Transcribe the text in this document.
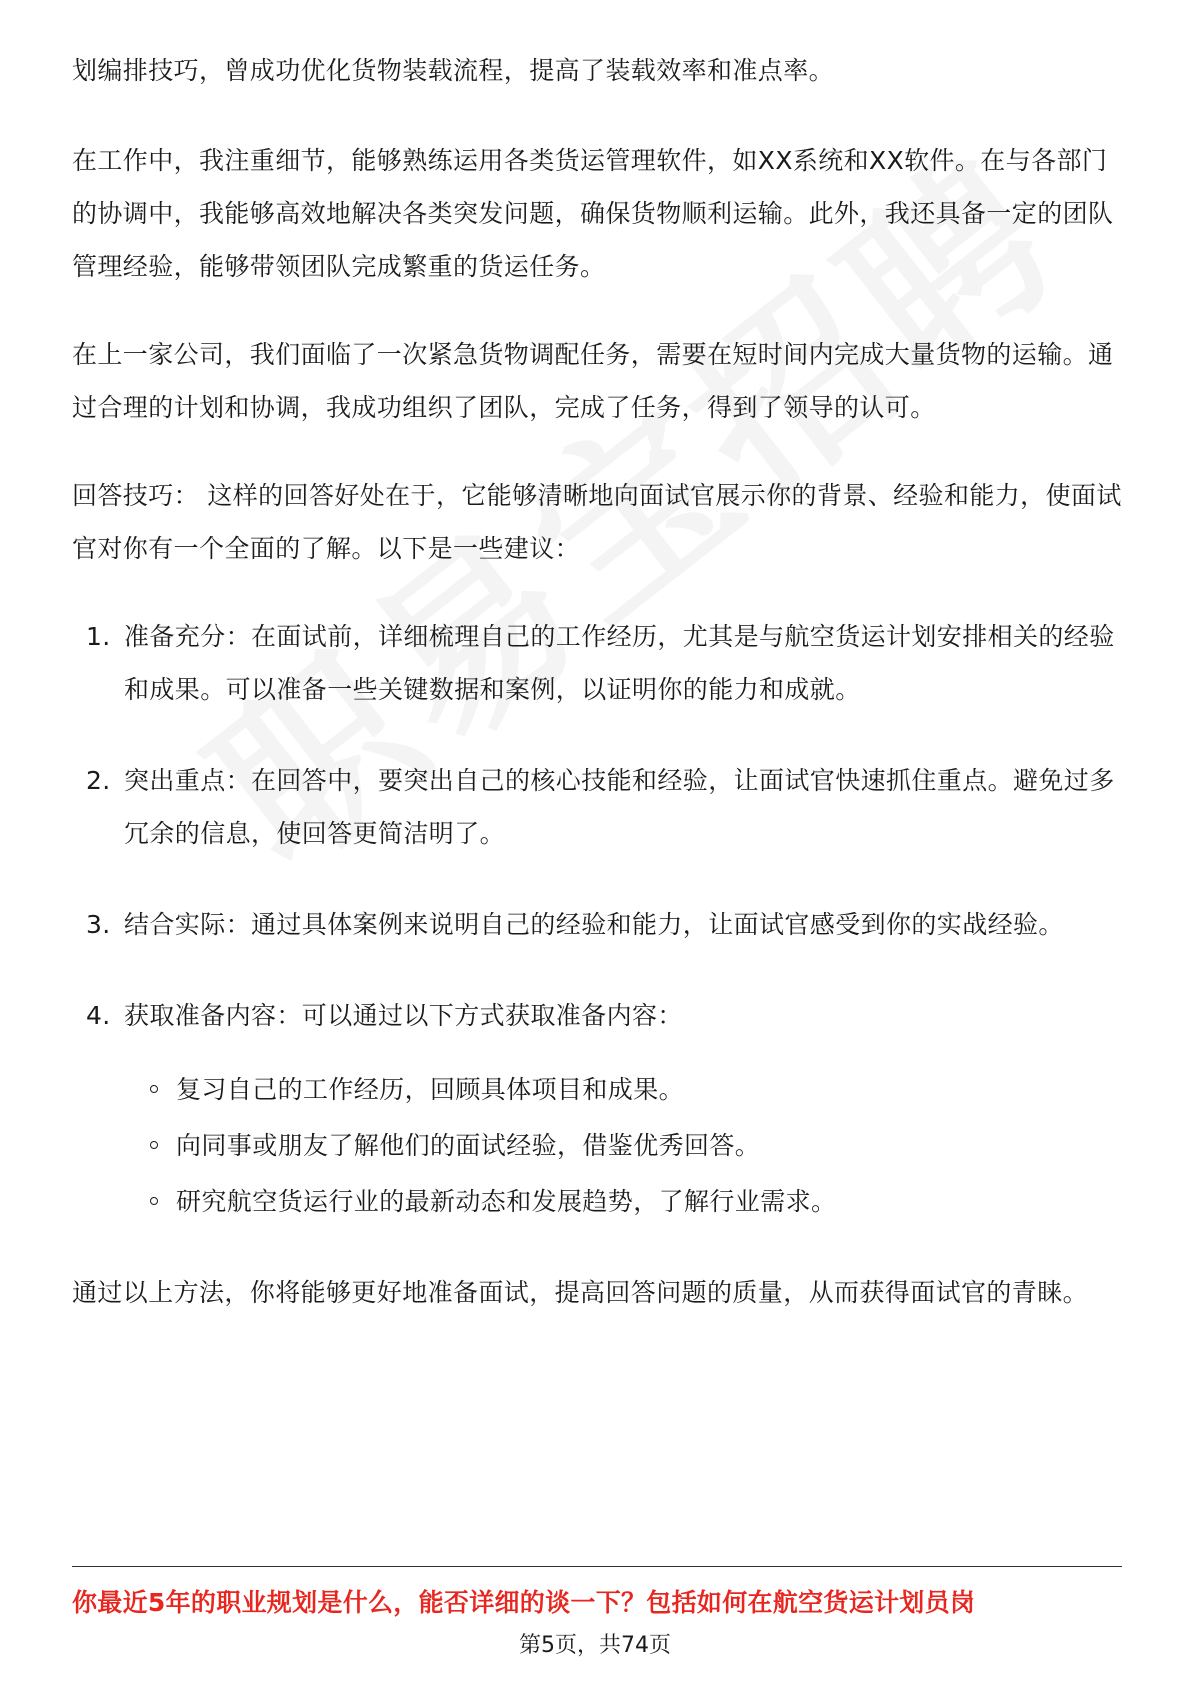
划编排技巧，曾成功优化货物装载流程，提高了装载效率和准点率。

在工作中，我注重细节，能够熟练运用各类货运管理软件，如XX系统和XX软件。在与各部门的协调中，我能够高效地解决各类突发问题，确保货物顺利运输。此外，我还具备一定的团队管理经验，能够带领团队完成繁重的货运任务。

在上一家公司，我们面临了一次紧急货物调配任务，需要在短时间内完成大量货物的运输。通过合理的计划和协调，我成功组织了团队，完成了任务，得到了领导的认可。

回答技巧： 这样的回答好处在于，它能够清晰地向面试官展示你的背景、经验和能力，使面试官对你有一个全面的了解。以下是一些建议：

1. 准备充分：在面试前，详细梳理自己的工作经历，尤其是与航空货运计划安排相关的经验和成果。可以准备一些关键数据和案例，以证明你的能力和成就。
2. 突出重点：在回答中，要突出自己的核心技能和经验，让面试官快速抓住重点。避免过多冗余的信息，使回答更简洁明了。
3. 结合实际：通过具体案例来说明自己的经验和能力，让面试官感受到你的实战经验。
4. 获取准备内容：可以通过以下方式获取准备内容：
复习自己的工作经历，回顾具体项目和成果。
向同事或朋友了解他们的面试经验，借鉴优秀回答。
研究航空货运行业的最新动态和发展趋势，了解行业需求。

通过以上方法，你将能够更好地准备面试，提高回答问题的质量，从而获得面试官的青睐。

你最近5年的职业规划是什么，能否详细的谈一下？包括如何在航空货运计划员岗
第5页，共74页
